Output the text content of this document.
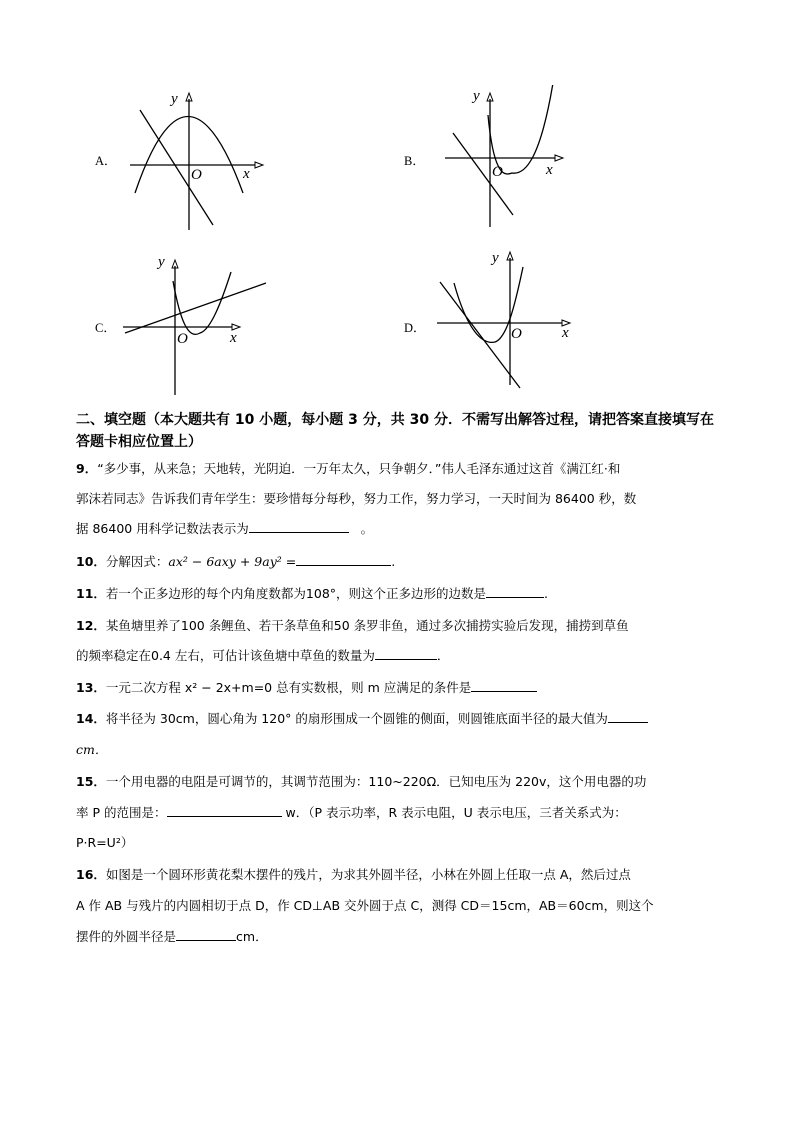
A．
y
x
O
B．
y
x
O
C．
y
x
O
D．
y
x
O
二、填空题（本大题共有 10 小题，每小题 3 分，共 30 分．不需写出解答过程，请把答案直接填写在答题卡相应位置上）
9．“多少事，从来急；天地转，光阴迫．一万年太久，只争朝夕．”伟人毛泽东通过这首《满江红·和
郭沫若同志》告诉我们青年学生：要珍惜每分每秒，努力工作，努力学习，一天时间为 86400 秒，数
据 86400 用科学记数法表示为	。
10．分解因式：ax² − 6axy + 9ay² =	.
11．若一个正多边形的每个内角度数都为108°，则这个正多边形的边数是	.
12．某鱼塘里养了100 条鲤鱼、若干条草鱼和50 条罗非鱼，通过多次捕捞实验后发现，捕捞到草鱼
的频率稳定在0.4 左右，可估计该鱼塘中草鱼的数量为	．
13．一元二次方程 x² − 2x+m=0 总有实数根，则 m 应满足的条件是
14．将半径为 30cm，圆心角为 120° 的扇形围成一个圆锥的侧面，则圆锥底面半径的最大值为
cm．
15．一个用电器的电阻是可调节的，其调节范围为：110~220Ω．已知电压为 220v，这个用电器的功
率 P 的范围是：	w．（P 表示功率，R 表示电阻，U 表示电压，三者关系式为：
P·R=U²）
16．如图是一个圆环形黄花梨木摆件的残片，为求其外圆半径，小林在外圆上任取一点 A，然后过点
A 作 AB 与残片的内圆相切于点 D，作 CD⊥AB 交外圆于点 C，测得 CD＝15cm，AB＝60cm，则这个
摆件的外圆半径是	cm．
